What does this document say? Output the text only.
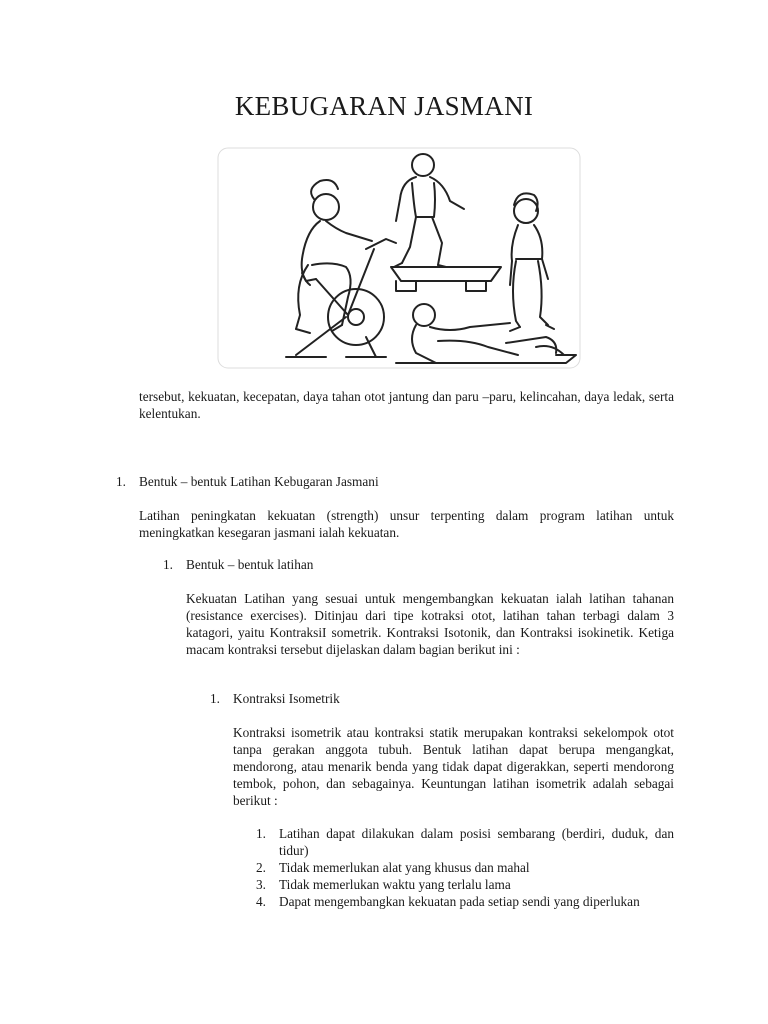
KEBUGARAN JASMANI
tersebut, kekuatan, kecepatan, daya tahan otot jantung dan paru –paru, kelincahan, daya ledak, serta kelentukan.
1. Bentuk – bentuk Latihan Kebugaran Jasmani
Latihan peningkatan kekuatan (strength) unsur terpenting dalam program latihan untuk meningkatkan kesegaran jasmani ialah kekuatan.
1. Bentuk – bentuk latihan
Kekuatan Latihan yang sesuai untuk mengembangkan kekuatan ialah latihan tahanan (resistance exercises). Ditinjau dari tipe kotraksi otot, latihan tahan terbagi dalam 3 katagori, yaitu KontraksiI sometrik. Kontraksi Isotonik, dan Kontraksi isokinetik. Ketiga macam kontraksi tersebut dijelaskan dalam bagian berikut ini :
1. Kontraksi Isometrik
Kontraksi isometrik atau kontraksi statik merupakan kontraksi sekelompok otot tanpa gerakan anggota tubuh. Bentuk latihan dapat berupa mengangkat, mendorong, atau menarik benda yang tidak dapat digerakkan, seperti mendorong tembok, pohon, dan sebagainya. Keuntungan latihan isometrik adalah sebagai berikut :
1. Latihan dapat dilakukan dalam posisi sembarang (berdiri, duduk, dan tidur)
2. Tidak memerlukan alat yang khusus dan mahal
3. Tidak memerlukan waktu yang terlalu lama
4. Dapat mengembangkan kekuatan pada setiap sendi yang diperlukan
